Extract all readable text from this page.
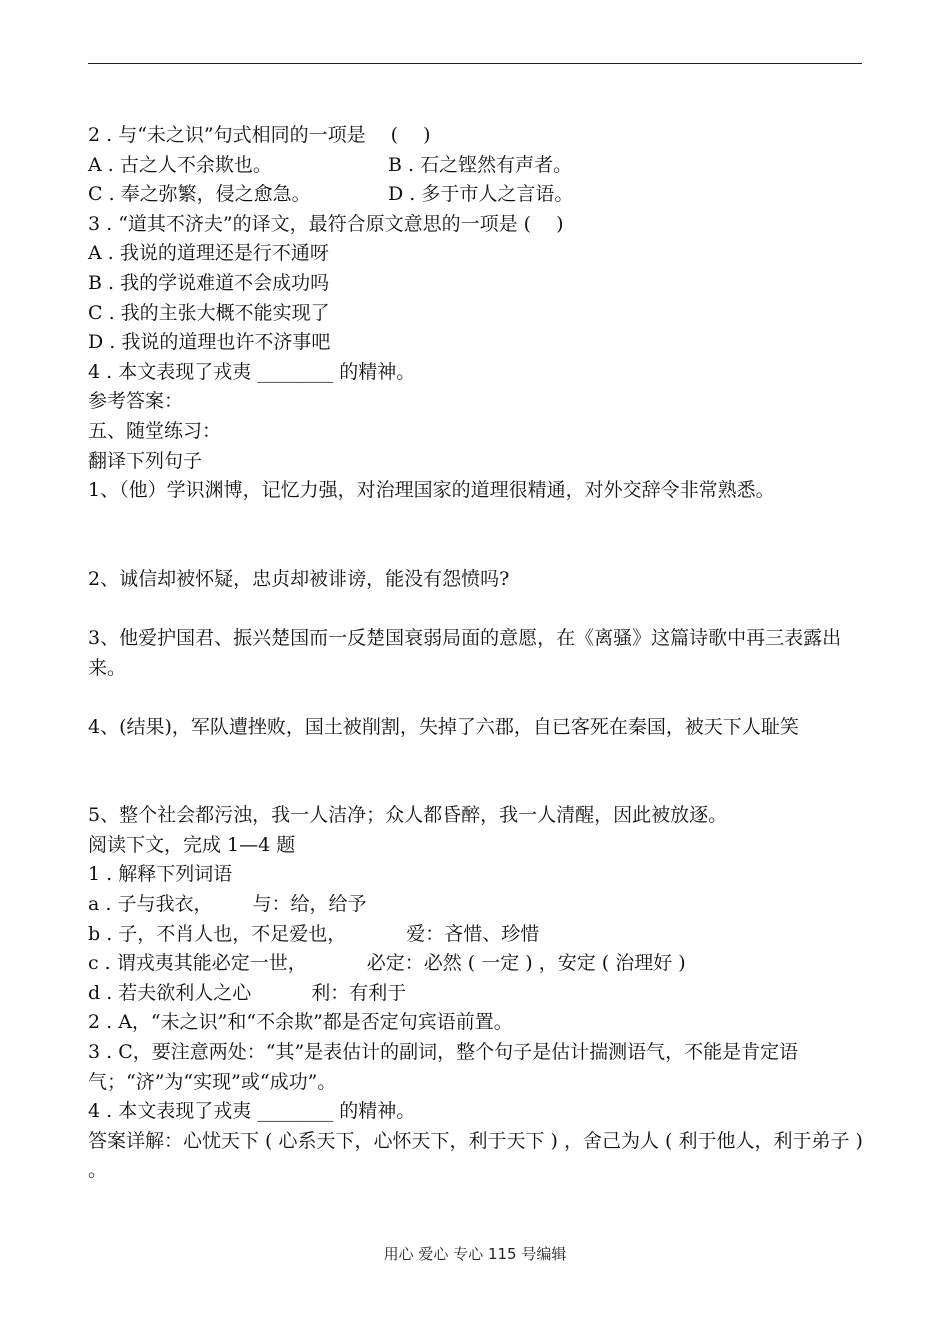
2 . 与“未之识”句式相同的一项是 　( 　)
A . 古之人不余欺也。	B . 石之铿然有声者。
C . 奉之弥繁，侵之愈急。	D . 多于市人之言语。
3 . “道其不济夫”的译文，最符合原文意思的一项是 ( 　)
A . 我说的道理还是行不通呀
B . 我的学说难道不会成功吗
C . 我的主张大概不能实现了
D . 我说的道理也许不济事吧
4 . 本文表现了戎夷 ________ 的精神。
参考答案：
五、随堂练习：
翻译下列句子
1、（他）学识渊博，记忆力强，对治理国家的道理很精通，对外交辞令非常熟悉。
2、诚信却被怀疑，忠贞却被诽谤，能没有怨愤吗?
3、他爱护国君、振兴楚国而一反楚国衰弱局面的意愿，在《离骚》这篇诗歌中再三表露出来。
4、(结果)，军队遭挫败，国土被削割，失掉了六郡，自已客死在秦国，被天下人耻笑
5、整个社会都污浊，我一人洁净；众人都昏醉，我一人清醒，因此被放逐。
阅读下文，完成 1—4 题
1 . 解释下列词语
a . 子与我衣， 与：给，给予
b . 子，不肖人也，不足爱也，	爱：吝惜、珍惜
c . 谓戎夷其能必定一世，	必定：必然 ( 一定 ) ，安定 ( 治理好 )
d . 若夫欲利人之心	利：有利于
2 . A，“未之识”和“不余欺”都是否定句宾语前置。
3 . C，要注意两处：“其”是表估计的副词，整个句子是估计揣测语气，不能是肯定语气；“济”为“实现”或“成功”。
4 . 本文表现了戎夷 ________ 的精神。
答案详解：心忧天下 ( 心系天下，心怀天下，利于天下 ) ，舍己为人 ( 利于他人，利于弟子 ) 。
用心 爱心 专心 115 号编辑
